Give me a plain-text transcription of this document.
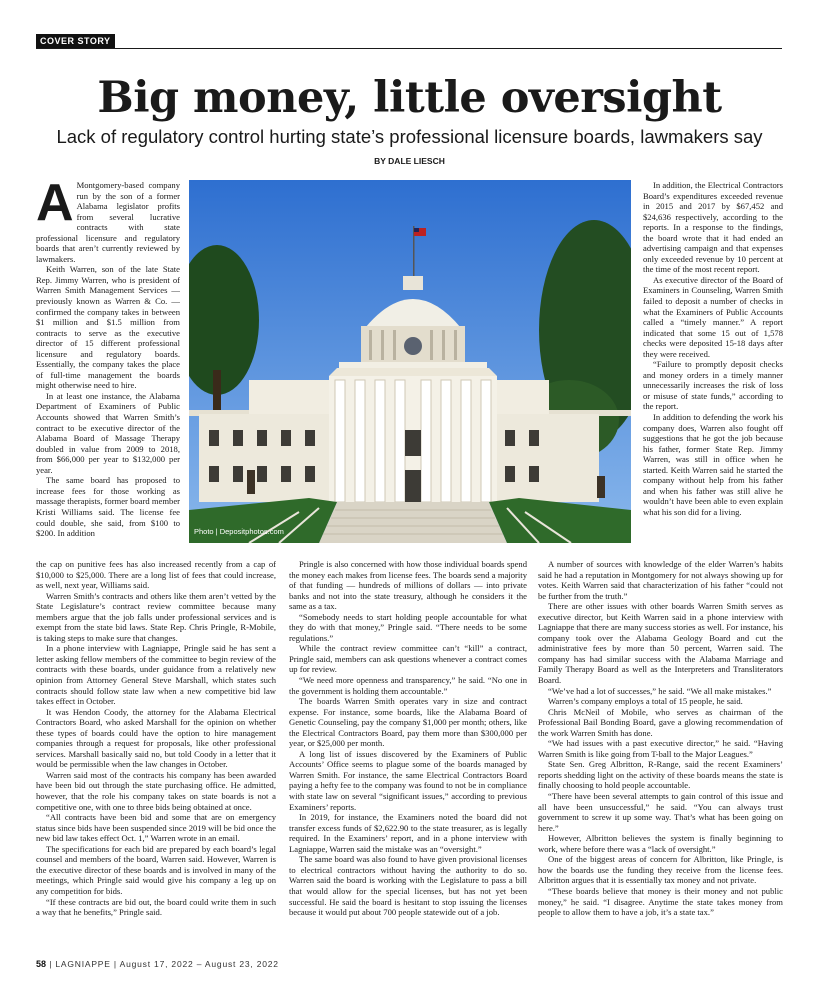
COVER STORY
Big money, little oversight
Lack of regulatory control hurting state’s professional licensure boards, lawmakers say
BY DALE LIESCH

A Montgomery-based company run by the son of a former Alabama legislator profits from several lucrative contracts with state professional licensure and regulatory boards that aren’t currently reviewed by lawmakers.

Keith Warren, son of the late State Rep. Jimmy Warren, who is president of Warren Smith Management Services — previously known as Warren & Co. — confirmed the company takes in between $1 million and $1.5 million from contracts to serve as the executive director of 15 different professional licensure and regulatory boards. Essentially, the company takes the place of full-time management the boards might otherwise need to hire.

In at least one instance, the Alabama Department of Examiners of Public Accounts showed that Warren Smith’s contract to be executive director of the Alabama Board of Massage Therapy doubled in value from 2009 to 2018, from $66,000 per year to $132,000 per year.

The same board has proposed to increase fees for those working as massage therapists, former board member Kristi Williams said. The license fee could double, she said, from $100 to $200. In addition	Photo | Depositphotos.com

In addition, the Electrical Contractors Board’s expenditures exceeded revenue in 2015 and 2017 by $67,452 and $24,636 respectively, according to the reports. In a response to the findings, the board wrote that it had ended an advertising campaign and that expenses only exceeded revenue by 10 percent at the time of the most recent report.

As executive director of the Board of Examiners in Counseling, Warren Smith failed to deposit a number of checks in what the Examiners of Public Accounts called a “timely manner.” A report indicated that some 15 out of 1,578 checks were deposited 15-18 days after they were received.

“Failure to promptly deposit checks and money orders in a timely manner unnecessarily increases the risk of loss or misuse of state funds,” according to the report.

In addition to defending the work his company does, Warren also fought off suggestions that he got the job because his father, former State Rep. Jimmy Warren, was still in office when he started. Keith Warren said he started the company without help from his father and when his father was still alive he wouldn’t have been able to even explain what his son did for a living.

the cap on punitive fees has also increased recently from a cap of $10,000 to $25,000. There are a long list of fees that could increase, as well, next year, Williams said.

Warren Smith’s contracts and others like them aren’t vetted by the State Legislature’s contract review committee because many members argue that the job falls under professional services and is exempt from the state bid laws. State Rep. Chris Pringle, R-Mobile, is taking steps to make sure that changes.

In a phone interview with Lagniappe, Pringle said he has sent a letter asking fellow members of the committee to begin review of the contracts with these boards, under guidance from a relatively new opinion from Attorney General Steve Marshall, which states such contracts should follow state law when a new competitive bid law takes effect in October.

It was Hendon Coody, the attorney for the Alabama Electrical Contractors Board, who asked Marshall for the opinion on whether these types of boards could have the option to hire management companies through a request for proposals, like other professional services. Marshall basically said no, but told Coody in a letter that it would be permissible when the law changes in October.

Warren said most of the contracts his company has been awarded have been bid out through the state purchasing office. He admitted, however, that the role his company takes on state boards is not a competitive one, with one to three bids being obtained at once.

“All contracts have been bid and some that are on emergency status since bids have been suspended since 2019 will be bid once the new bid law takes effect Oct. 1,” Warren wrote in an email.

The specifications for each bid are prepared by each board’s legal counsel and members of the board, Warren said. However, Warren is the executive director of these boards and is involved in many of the meetings, which Pringle said would give his company a leg up on any competition for bids.

“If these contracts are bid out, the board could write them in such a way that he benefits,” Pringle said.

Pringle is also concerned with how those individual boards spend the money each makes from license fees. The boards send a majority of that funding — hundreds of millions of dollars — into private banks and not into the state treasury, although he considers it the same as a tax.

“Somebody needs to start holding people accountable for what they do with that money,” Pringle said. “There needs to be some regulations.”

While the contract review committee can’t “kill” a contract, Pringle said, members can ask questions whenever a contract comes up for review.

“We need more openness and transparency,” he said. “No one in the government is holding them accountable.”

The boards Warren Smith operates vary in size and contract expense. For instance, some boards, like the Alabama Board of Genetic Counseling, pay the company $1,000 per month; others, like the Electrical Contractors Board, pay them more than $300,000 per year, or $25,000 per month.

A long list of issues discovered by the Examiners of Public Accounts’ Office seems to plague some of the boards managed by Warren Smith. For instance, the same Electrical Contractors Board paying a hefty fee to the company was found to not be in compliance with state law on several “significant issues,” according to previous Examiners’ reports.

In 2019, for instance, the Examiners noted the board did not transfer excess funds of $2,622.90 to the state treasurer, as is legally required. In the Examiners’ report, and in a phone interview with Lagniappe, Warren said the mistake was an “oversight.”

The same board was also found to have given provisional licenses to electrical contractors without having the authority to do so. Warren said the board is working with the Legislature to pass a bill that would allow for the special licenses, but has not yet been successful. He said the board is hesitant to stop issuing the licenses because it would put about 700 people statewide out of a job.

A number of sources with knowledge of the elder Warren’s habits said he had a reputation in Montgomery for not always showing up for votes. Keith Warren said that characterization of his father “could not be further from the truth.”

There are other issues with other boards Warren Smith serves as executive director, but Keith Warren said in a phone interview with Lagniappe that there are many success stories as well. For instance, his company took over the Alabama Geology Board and cut the administrative fees by more than 50 percent, Warren said. The company has had similar success with the Alabama Marriage and Family Therapy Board as well as the Interpreters and Transliterators Board.

“We’ve had a lot of successes,” he said. “We all make mistakes.”

Warren’s company employs a total of 15 people, he said.

Chris McNeil of Mobile, who serves as chairman of the Professional Bail Bonding Board, gave a glowing recommendation of the work Warren Smith has done.

“We had issues with a past executive director,” he said. “Having Warren Smith is like going from T-ball to the Major Leagues.”

State Sen. Greg Albritton, R-Range, said the recent Examiners’ reports shedding light on the activity of these boards means the state is finally choosing to hold people accountable.

“There have been several attempts to gain control of this issue and all have been unsuccessful,” he said. “You can always trust government to screw it up some way. That’s what has been going on here.”

However, Albritton believes the system is finally beginning to work, where before there was a “lack of oversight.”

One of the biggest areas of concern for Albritton, like Pringle, is how the boards use the funding they receive from the license fees. Albritton argues that it is essentially tax money and not private.

“These boards believe that money is their money and not public money,” he said. “I disagree. Anytime the state takes money from people to allow them to have a job, it’s a state tax.”

58 | LAGNIAPPE | August 17, 2022 – August 23, 2022
